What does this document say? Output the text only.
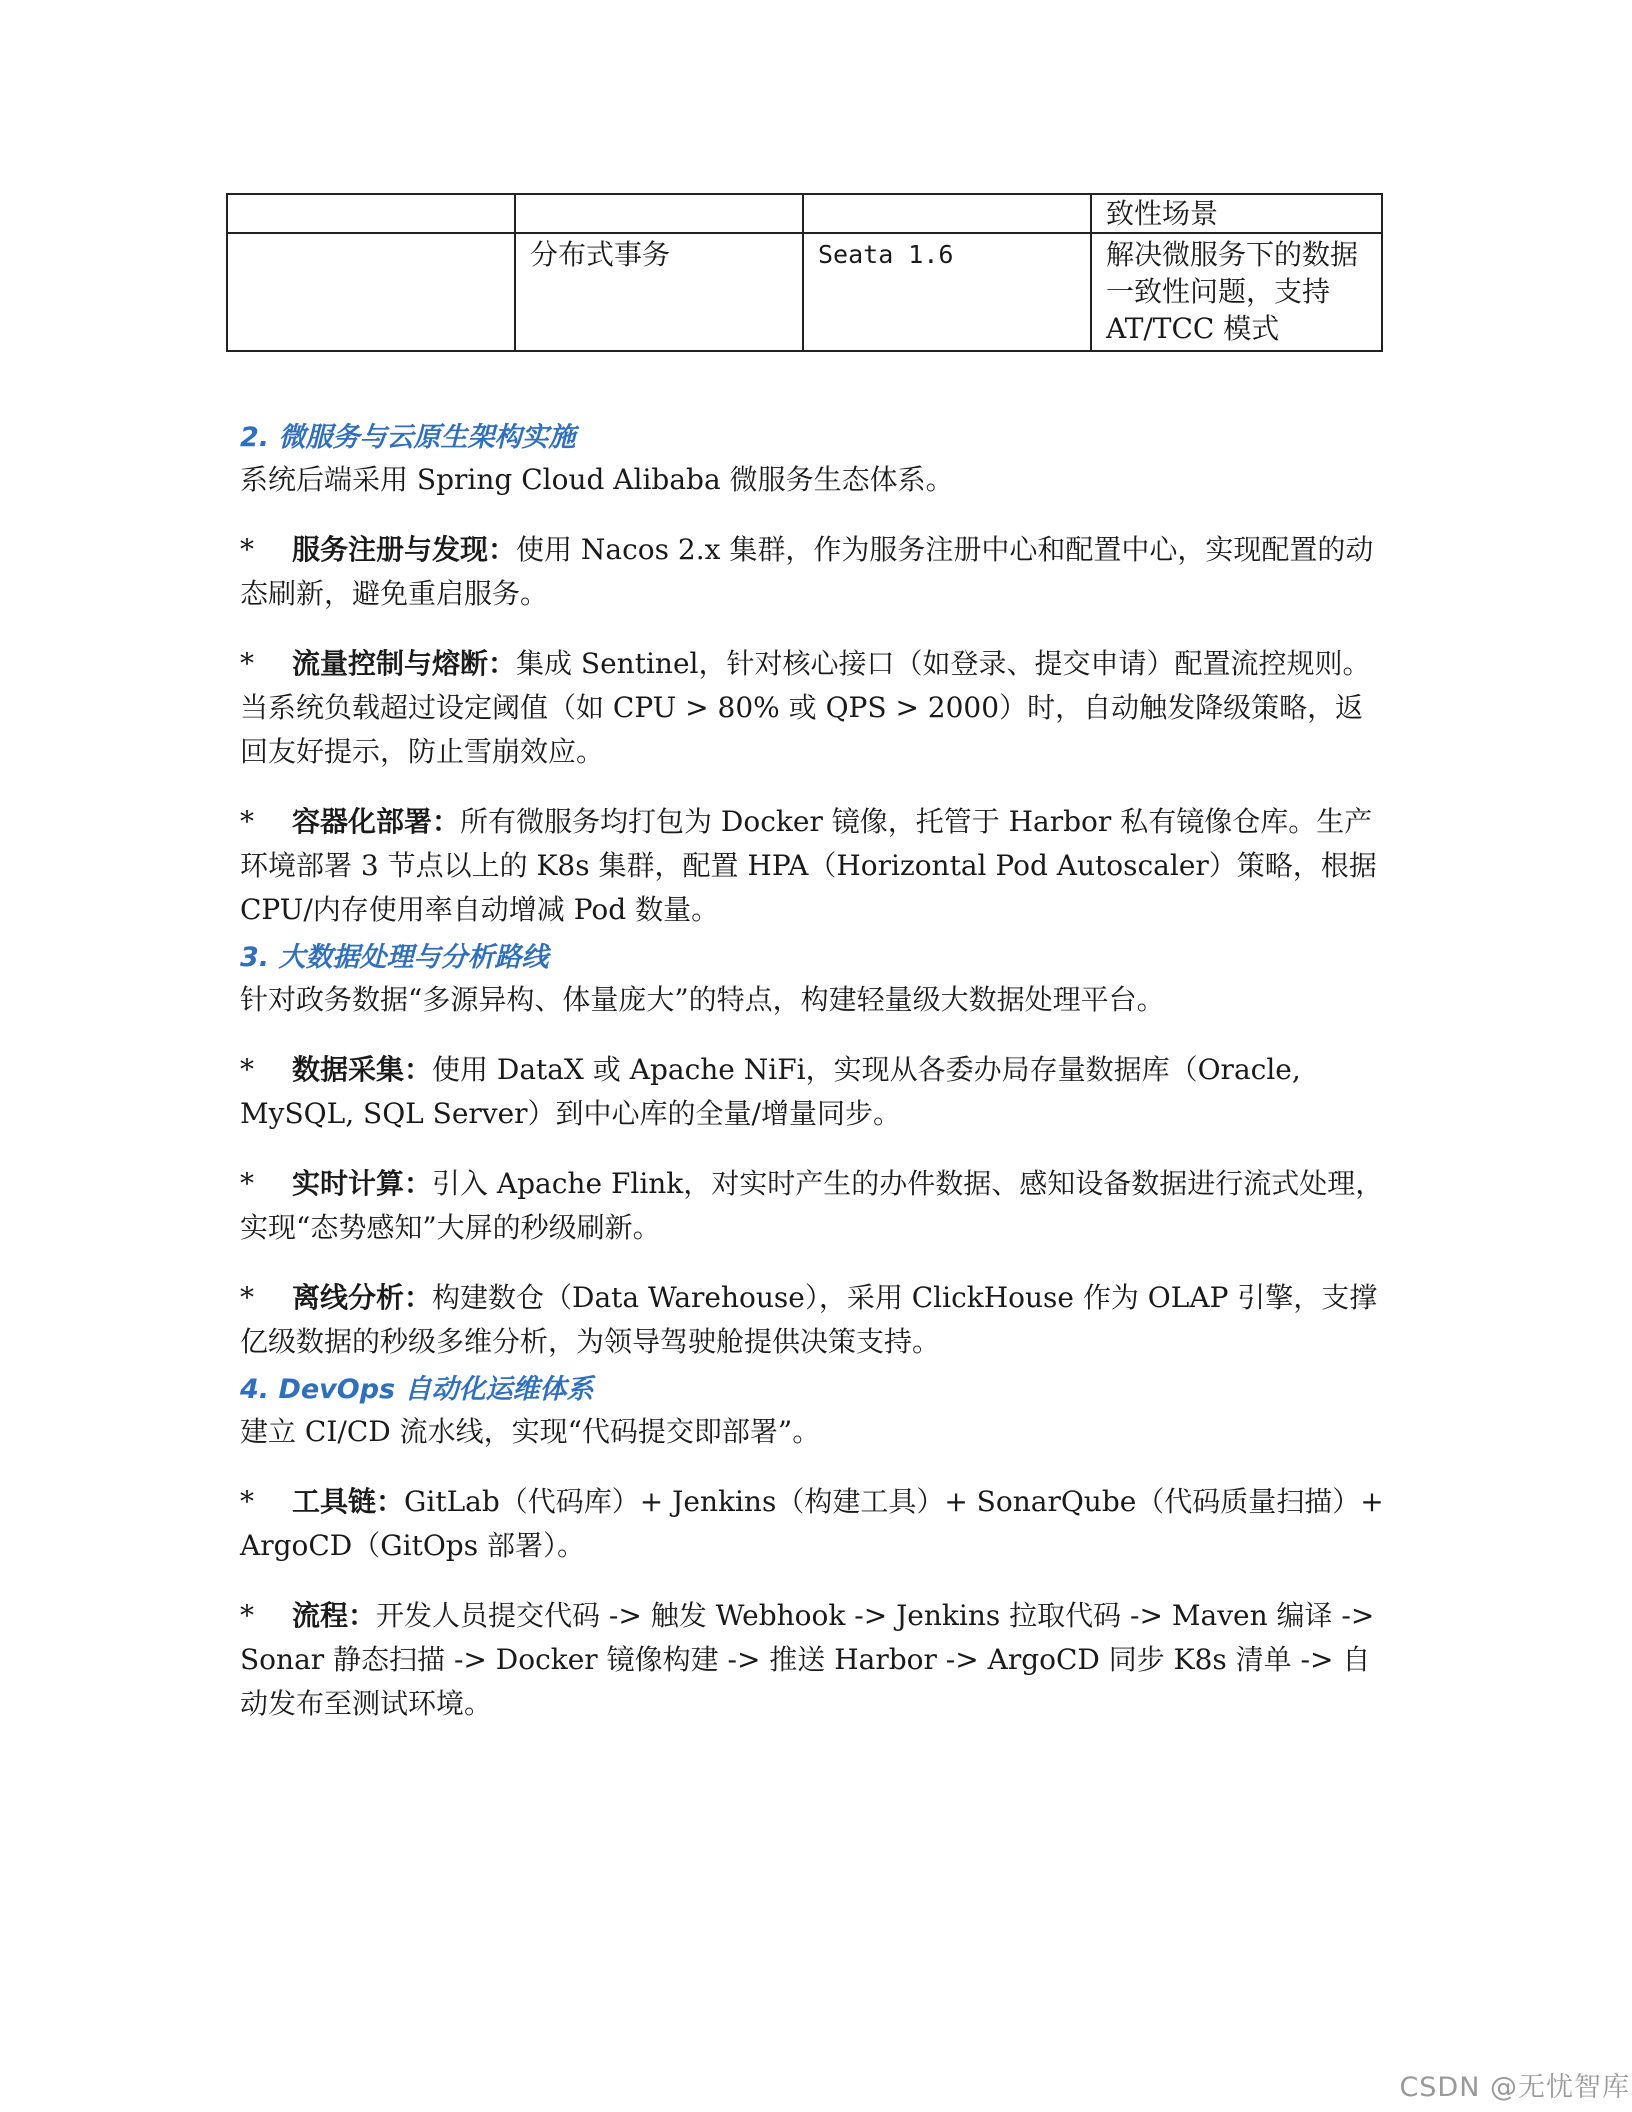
			致性场景
	分布式事务	Seata 1.6	解决微服务下的数据一致性问题，支持 AT/TCC 模式
2. 微服务与云原生架构实施

系统后端采用 Spring Cloud Alibaba 微服务生态体系。

* 服务注册与发现：使用 Nacos 2.x 集群，作为服务注册中心和配置中心，实现配置的动态刷新，避免重启服务。

* 流量控制与熔断：集成 Sentinel，针对核心接口（如登录、提交申请）配置流控规则。当系统负载超过设定阈值（如 CPU > 80% 或 QPS > 2000）时，自动触发降级策略，返回友好提示，防止雪崩效应。

* 容器化部署：所有微服务均打包为 Docker 镜像，托管于 Harbor 私有镜像仓库。生产环境部署 3 节点以上的 K8s 集群，配置 HPA（Horizontal Pod Autoscaler）策略，根据 CPU/内存使用率自动增减 Pod 数量。

3. 大数据处理与分析路线

针对政务数据“多源异构、体量庞大”的特点，构建轻量级大数据处理平台。

* 数据采集：使用 DataX 或 Apache NiFi，实现从各委办局存量数据库（Oracle, MySQL, SQL Server）到中心库的全量/增量同步。

* 实时计算：引入 Apache Flink，对实时产生的办件数据、感知设备数据进行流式处理，实现“态势感知”大屏的秒级刷新。

* 离线分析：构建数仓（Data Warehouse），采用 ClickHouse 作为 OLAP 引擎，支撑亿级数据的秒级多维分析，为领导驾驶舱提供决策支持。

4. DevOps 自动化运维体系

建立 CI/CD 流水线，实现“代码提交即部署”。

* 工具链：GitLab（代码库）+ Jenkins（构建工具）+ SonarQube（代码质量扫描）+ ArgoCD（GitOps 部署）。

* 流程：开发人员提交代码 -> 触发 Webhook -> Jenkins 拉取代码 -> Maven 编译 -> Sonar 静态扫描 -> Docker 镜像构建 -> 推送 Harbor -> ArgoCD 同步 K8s 清单 -> 自动发布至测试环境。

CSDN @无忧智库
